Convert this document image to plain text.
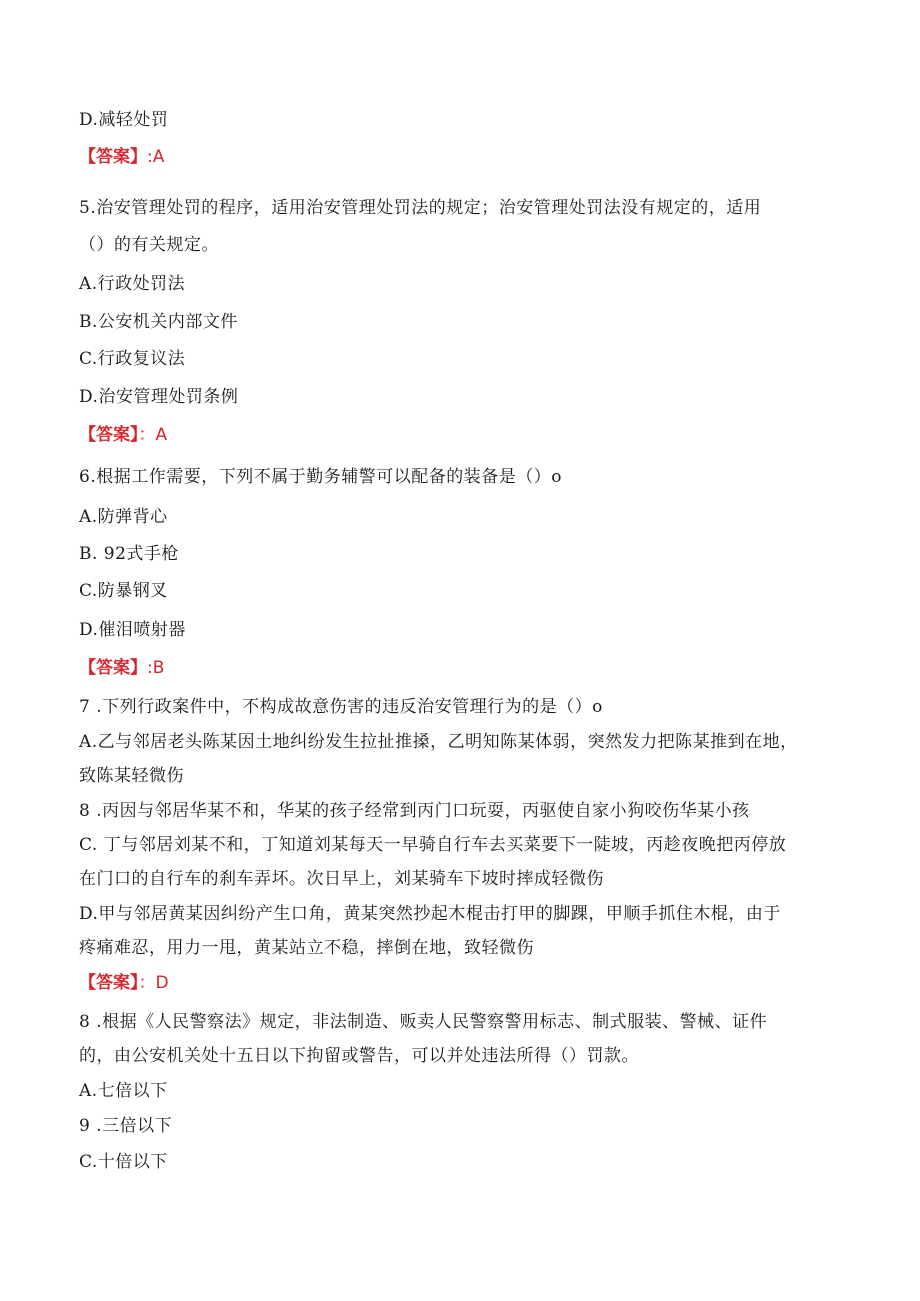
D.减轻处罚
【答案】:A
5.治安管理处罚的程序，适用治安管理处罚法的规定；治安管理处罚法没有规定的，适用
（）的有关规定。
A.行政处罚法
B.公安机关内部文件
C.行政复议法
D.治安管理处罚条例
【答案】：A
6.根据工作需要，下列不属于勤务辅警可以配备的装备是（）o
A.防弹背心
B. 92式手枪
C.防暴钢叉
D.催泪喷射器
【答案】:B
7 .下列行政案件中，不构成故意伤害的违反治安管理行为的是（）o
A.乙与邻居老头陈某因土地纠纷发生拉扯推搡，乙明知陈某体弱，突然发力把陈某推到在地，
致陈某轻微伤
8 .丙因与邻居华某不和，华某的孩子经常到丙门口玩耍，丙驱使自家小狗咬伤华某小孩
C. 丁与邻居刘某不和，丁知道刘某每天一早骑自行车去买菜要下一陡坡，丙趁夜晚把丙停放
在门口的自行车的刹车弄坏。次日早上，刘某骑车下坡时摔成轻微伤
D.甲与邻居黄某因纠纷产生口角，黄某突然抄起木棍击打甲的脚踝，甲顺手抓住木棍，由于
疼痛难忍，用力一甩，黄某站立不稳，摔倒在地，致轻微伤
【答案】：D
8 .根据《人民警察法》规定，非法制造、贩卖人民警察警用标志、制式服装、警械、证件
的，由公安机关处十五日以下拘留或警告，可以并处违法所得（）罚款。
A.七倍以下
9 .三倍以下
C.十倍以下
